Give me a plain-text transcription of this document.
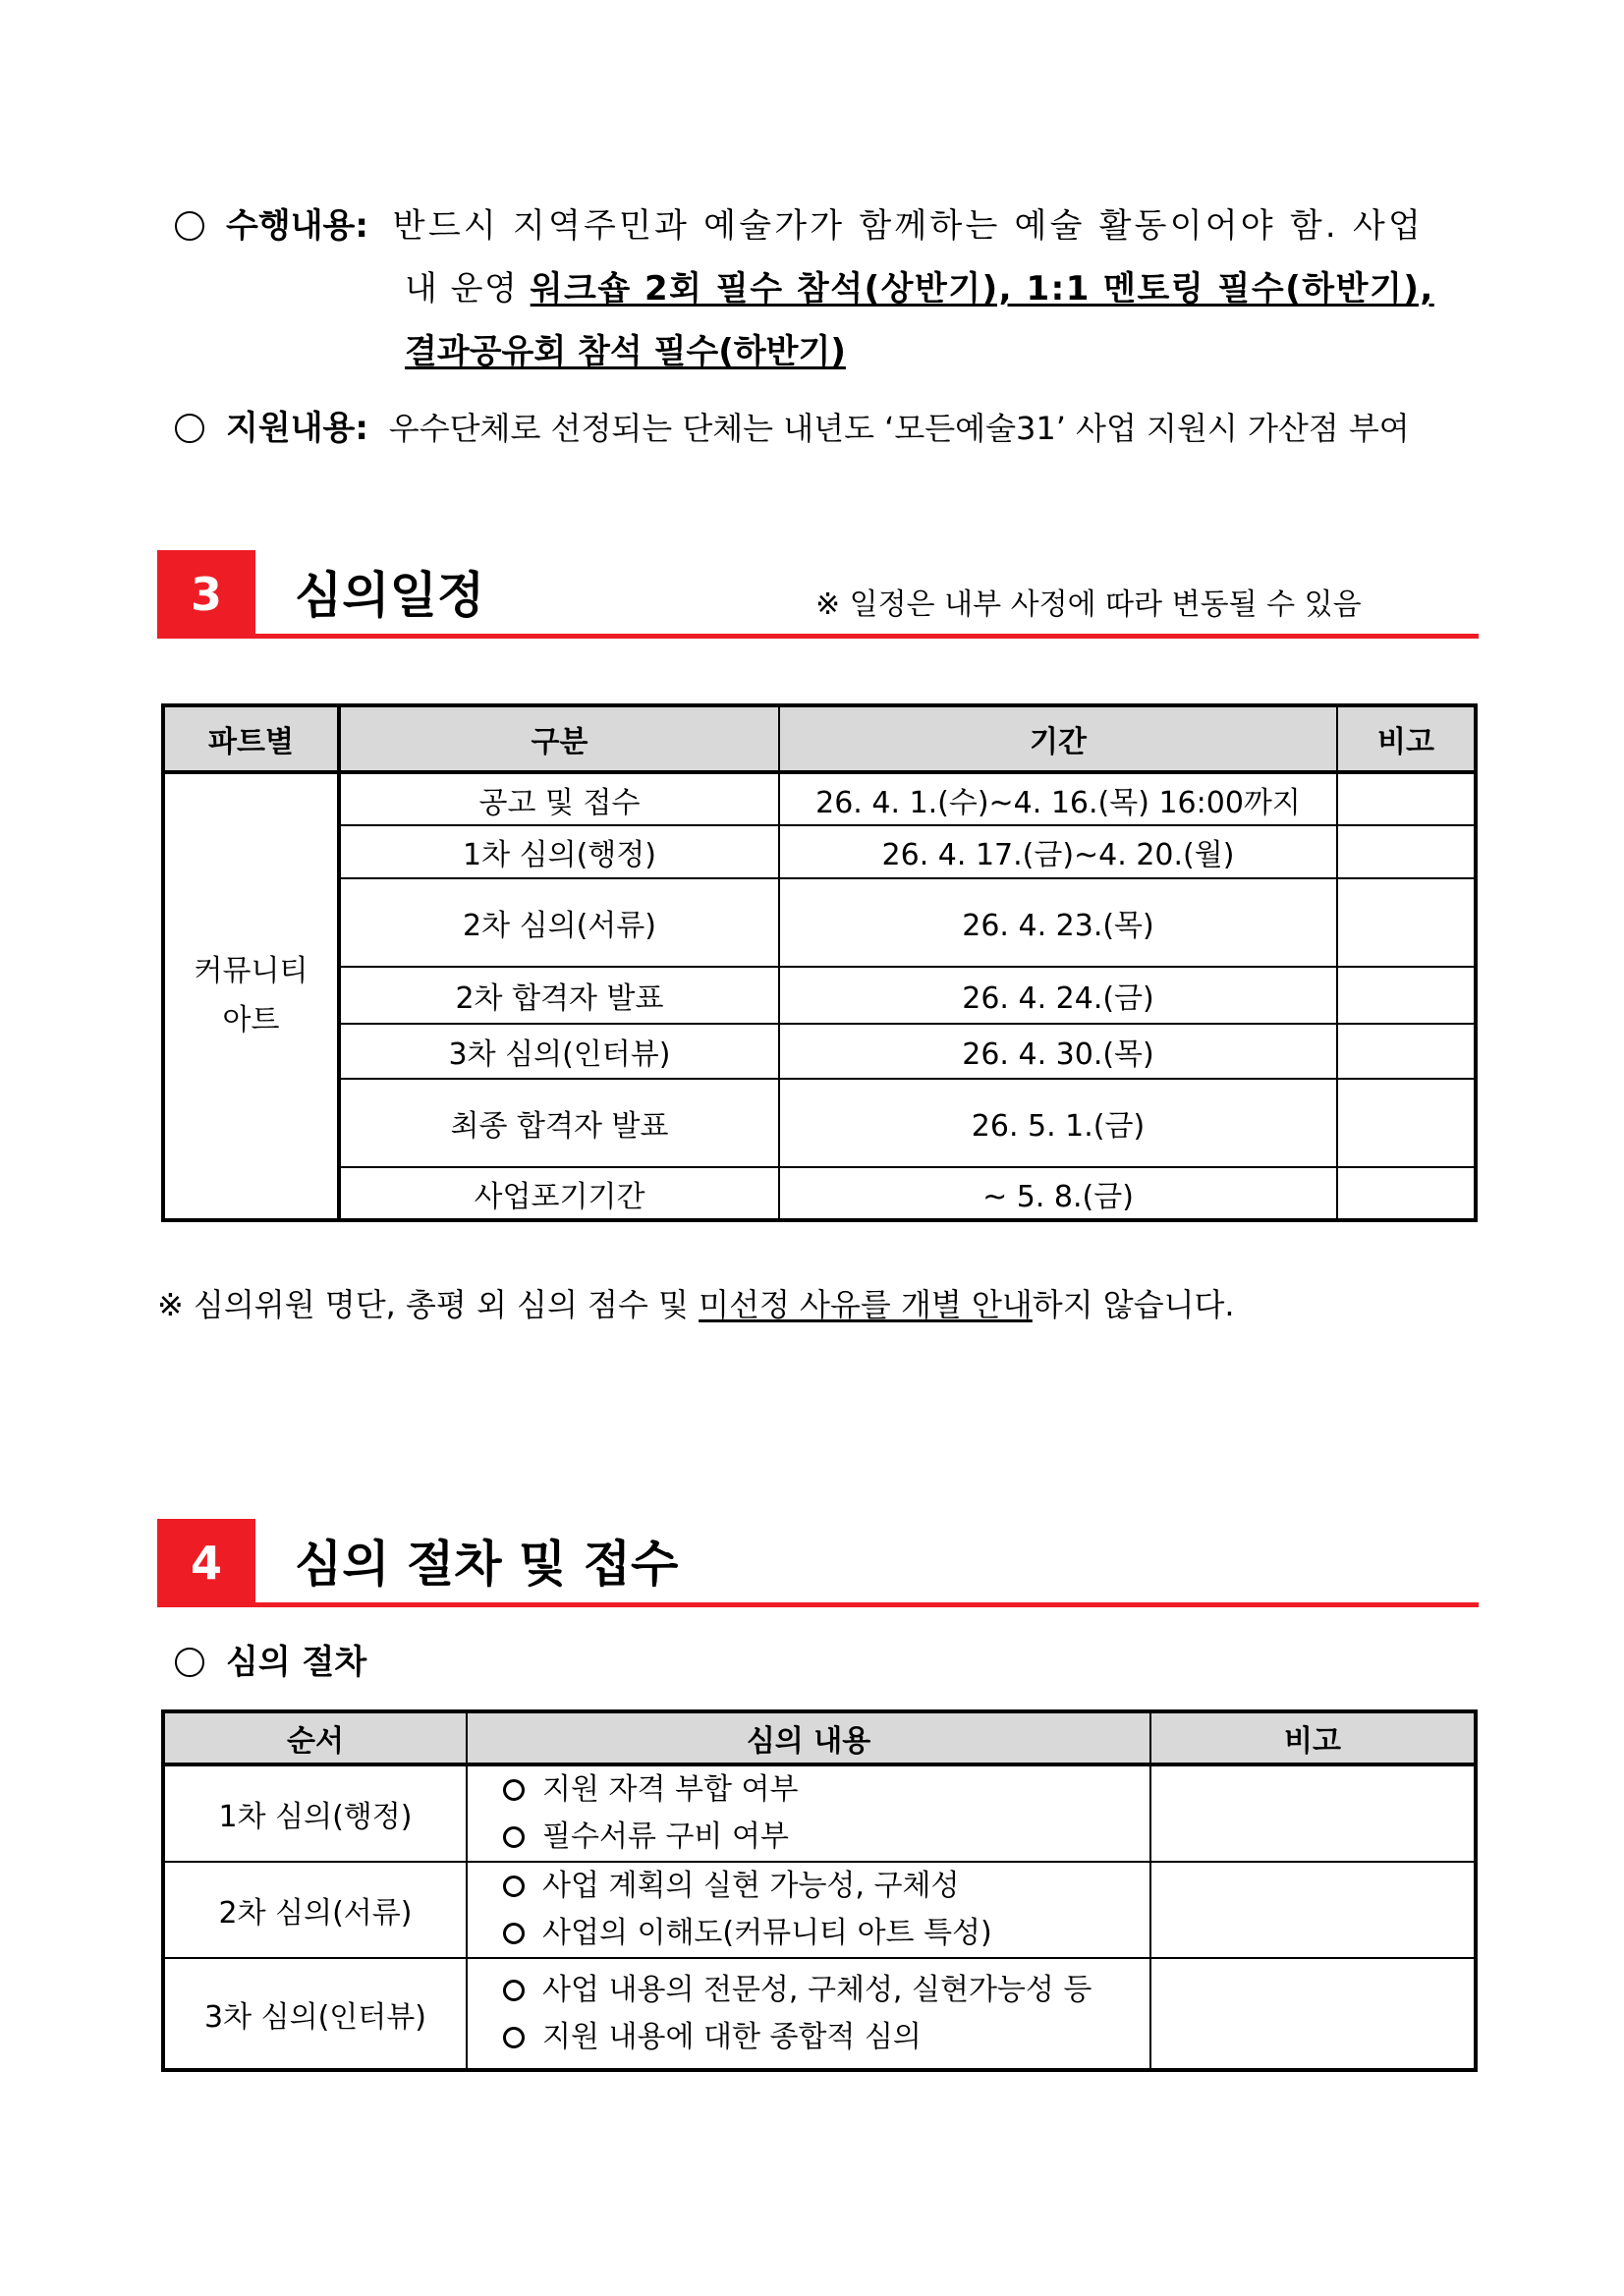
수행내용: 반드시 지역주민과 예술가가 함께하는 예술 활동이어야 함. 사업
내 운영 워크숍 2회 필수 참석(상반기), 1:1 멘토링 필수(하반기),
결과공유회 참석 필수(하반기)
지원내용: 우수단체로 선정되는 단체는 내년도 ‘모든예술31’ 사업 지원시 가산점 부여
3	심의일정	※ 일정은 내부 사정에 따라 변동될 수 있음
파트별	구분	기간	비고
커뮤니티
아트	공고 및 접수	26. 4. 1.(수)~4. 16.(목) 16:00까지	
	1차 심의(행정)	26. 4. 17.(금)~4. 20.(월)	
	2차 심의(서류)	26. 4. 23.(목)	
	2차 합격자 발표	26. 4. 24.(금)	
	3차 심의(인터뷰)	26. 4. 30.(목)	
	최종 합격자 발표	26. 5. 1.(금)	
	사업포기기간	~ 5. 8.(금)	
※ 심의위원 명단, 총평 외 심의 점수 및 미선정 사유를 개별 안내하지 않습니다.
4	심의 절차 및 접수
심의 절차
순서	심의 내용	비고
1차 심의(행정)	지원 자격 부합 여부
필수서류 구비 여부	

2차 심의(서류)	사업 계획의 실현 가능성, 구체성
사업의 이해도(커뮤니티 아트 특성)	

3차 심의(인터뷰)	사업 내용의 전문성, 구체성, 실현가능성 등
지원 내용에 대한 종합적 심의	
